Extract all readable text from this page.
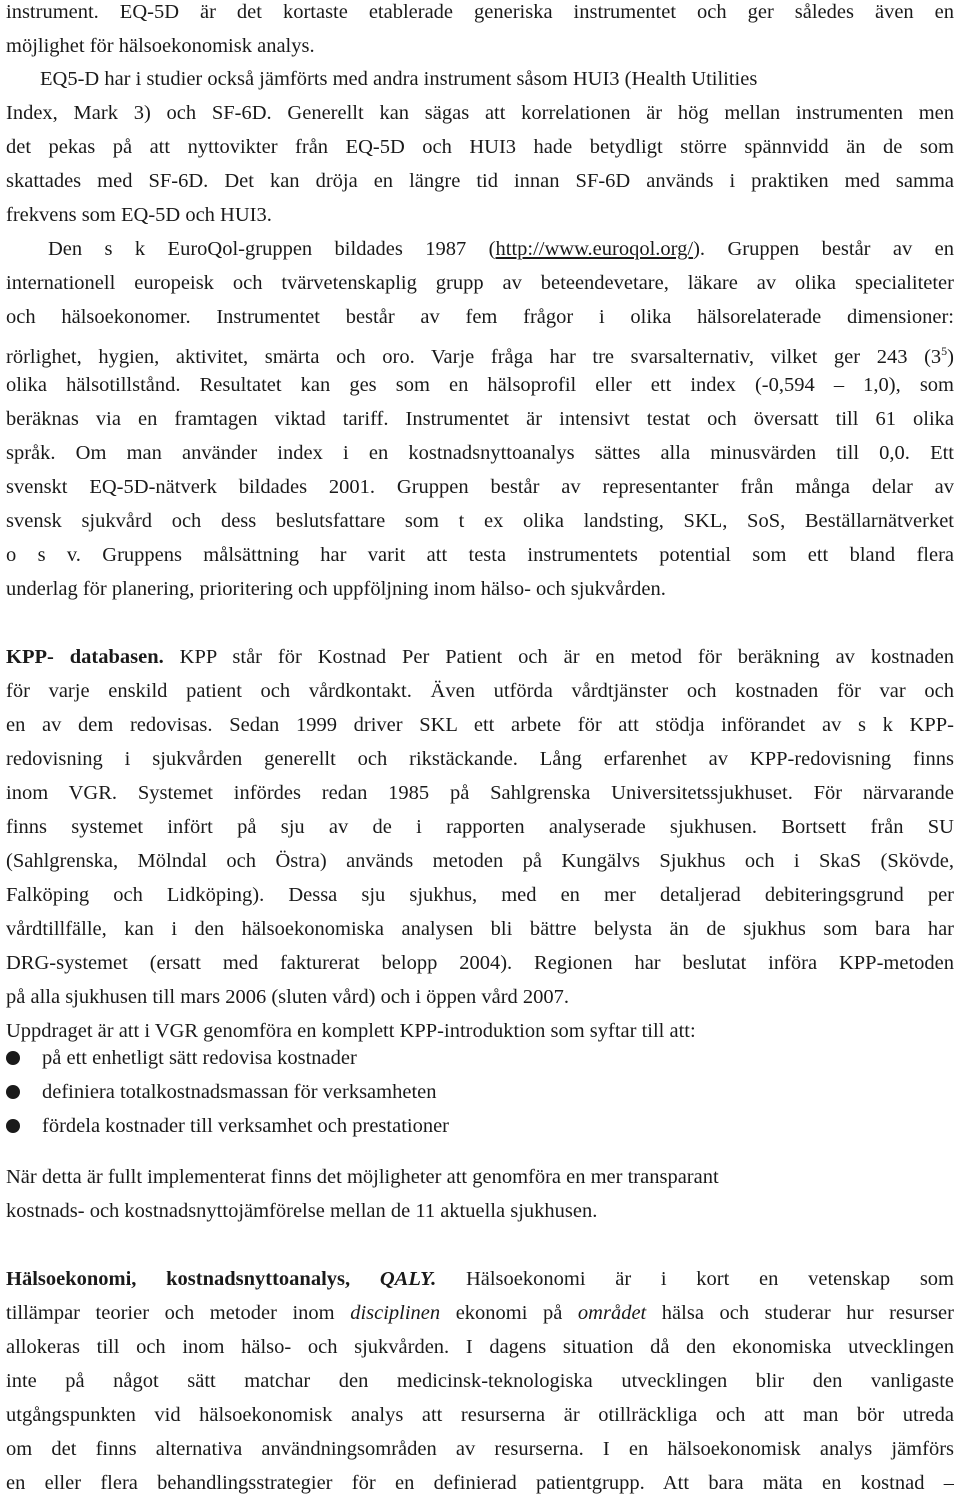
instrument. EQ-5D är det kortaste etablerade generiska instrumentet och ger således även en
möjlighet för hälsoekonomisk analys.
EQ5-D har i studier också jämförts med andra instrument såsom HUI3 (Health Utilities
Index, Mark 3) och SF-6D. Generellt kan sägas att korrelationen är hög mellan instrumenten men
det pekas på att nyttovikter från EQ-5D och HUI3 hade betydligt större spännvidd än de som
skattades med SF-6D. Det kan dröja en längre tid innan SF-6D används i praktiken med samma
frekvens som EQ-5D och HUI3.
Den s k EuroQol-gruppen bildades 1987 (http://www.euroqol.org/). Gruppen består av en
internationell europeisk och tvärvetenskaplig grupp av beteendevetare, läkare av olika specialiteter
och hälsoekonomer. Instrumentet består av fem frågor i olika hälsorelaterade dimensioner:
rörlighet, hygien, aktivitet, smärta och oro. Varje fråga har tre svarsalternativ, vilket ger 243 $(3^5)$
olika hälsotillstånd. Resultatet kan ges som en hälsoprofil eller ett index (-0,594 – 1,0), som
beräknas via en framtagen viktad tariff. Instrumentet är intensivt testat och översatt till 61 olika
språk. Om man använder index i en kostnadsnyttoanalys sättes alla minusvärden till 0,0. Ett
svenskt EQ-5D-nätverk bildades 2001. Gruppen består av representanter från många delar av
svensk sjukvård och dess beslutsfattare som t ex olika landsting, SKL, SoS, Beställarnätverket
o s v. Gruppens målsättning har varit att testa instrumentets potential som ett bland flera
underlag för planering, prioritering och uppföljning inom hälso- och sjukvården.
KPP- databasen. KPP står för Kostnad Per Patient och är en metod för beräkning av kostnaden
för varje enskild patient och vårdkontakt. Även utförda vårdtjänster och kostnaden för var och
en av dem redovisas. Sedan 1999 driver SKL ett arbete för att stödja införandet av s k KPP-
redovisning i sjukvården generellt och rikstäckande. Lång erfarenhet av KPP-redovisning finns
inom VGR. Systemet infördes redan 1985 på Sahlgrenska Universitetssjukhuset. För närvarande
finns systemet infört på sju av de i rapporten analyserade sjukhusen. Bortsett från SU
(Sahlgrenska, Mölndal och Östra) används metoden på Kungälvs Sjukhus och i SkaS (Skövde,
Falköping och Lidköping). Dessa sju sjukhus, med en mer detaljerad debiteringsgrund per
vårdtillfälle, kan i den hälsoekonomiska analysen bli bättre belysta än de sjukhus som bara har
DRG-systemet (ersatt med fakturerat belopp 2004). Regionen har beslutat införa KPP-metoden
på alla sjukhusen till mars 2006 (sluten vård) och i öppen vård 2007.
Uppdraget är att i VGR genomföra en komplett KPP-introduktion som syftar till att:
på ett enhetligt sätt redovisa kostnader
definiera totalkostnadsmassan för verksamheten
fördela kostnader till verksamhet och prestationer
När detta är fullt implementerat finns det möjligheter att genomföra en mer transparant
kostnads- och kostnadsnyttojämförelse mellan de 11 aktuella sjukhusen.
Hälsoekonomi, kostnadsnyttoanalys, QALY. Hälsoekonomi är i kort en vetenskap som
tillämpar teorier och metoder inom disciplinen ekonomi på området hälsa och studerar hur resurser
allokeras till och inom hälso- och sjukvården. I dagens situation då den ekonomiska utvecklingen
inte på något sätt matchar den medicinsk-teknologiska utvecklingen blir den vanligaste
utgångspunkten vid hälsoekonomisk analys att resurserna är otillräckliga och att man bör utreda
om det finns alternativa användningsområden av resurserna. I en hälsoekonomisk analys jämförs
en eller flera behandlingsstrategier för en definierad patientgrupp. Att bara mäta en kostnad –
